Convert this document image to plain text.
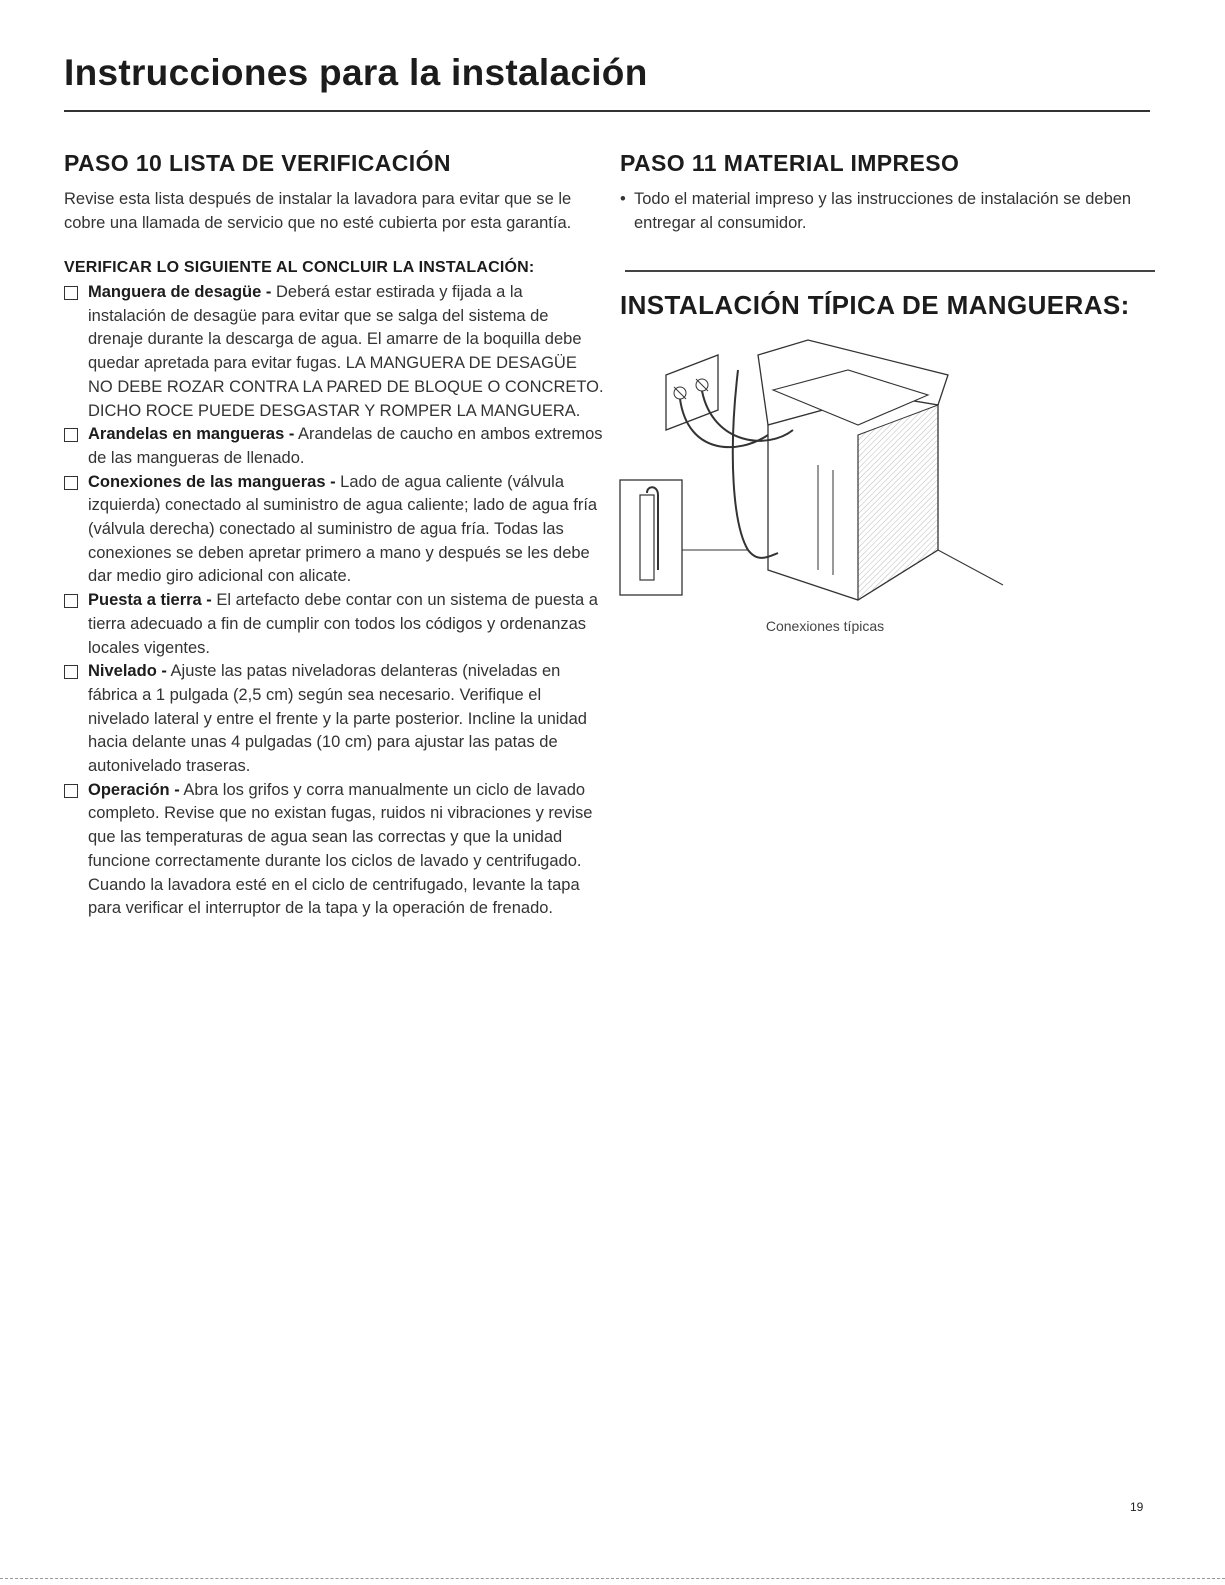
Instrucciones para la instalación
PASO 10 LISTA DE VERIFICACIÓN

Revise esta lista después de instalar la lavadora para evitar que se le cobre una llamada de servicio que no esté cubierta por esta garantía.

VERIFICAR LO SIGUIENTE AL CONCLUIR LA INSTALACIÓN:
Manguera de desagüe - Deberá estar estirada y fijada a la instalación de desagüe para evitar que se salga del sistema de drenaje durante la descarga de agua. El amarre de la boquilla debe quedar apretada para evitar fugas. LA MANGUERA DE DESAGÜE NO DEBE ROZAR CONTRA LA PARED DE BLOQUE O CONCRETO. DICHO ROCE PUEDE DESGASTAR Y ROMPER LA MANGUERA.
Arandelas en mangueras - Arandelas de caucho en ambos extremos de las mangueras de llenado.
Conexiones de las mangueras - Lado de agua caliente (válvula izquierda) conectado al suministro de agua caliente; lado de agua fría (válvula derecha) conectado al suministro de agua fría. Todas las conexiones se deben apretar primero a mano y después se les debe dar medio giro adicional con alicate.
Puesta a tierra - El artefacto debe contar con un sistema de puesta a tierra adecuado a fin de cumplir con todos los códigos y ordenanzas locales vigentes.
Nivelado - Ajuste las patas niveladoras delanteras (niveladas en fábrica a 1 pulgada (2,5 cm) según sea necesario. Verifique el nivelado lateral y entre el frente y la parte posterior. Incline la unidad hacia delante unas 4 pulgadas (10 cm) para ajustar las patas de autonivelado traseras.
Operación - Abra los grifos y corra manualmente un ciclo de lavado completo. Revise que no existan fugas, ruidos ni vibraciones y revise que las temperaturas de agua sean las correctas y que la unidad funcione correctamente durante los ciclos de lavado y centrifugado. Cuando la lavadora esté en el ciclo de centrifugado, levante la tapa para verificar el interruptor de la tapa y la operación de frenado.
PASO 11 MATERIAL IMPRESO

• Todo el material impreso y las instrucciones de instalación se deben entregar al consumidor.

INSTALACIÓN TÍPICA DE MANGUERAS:
Conexiones típicas
19
